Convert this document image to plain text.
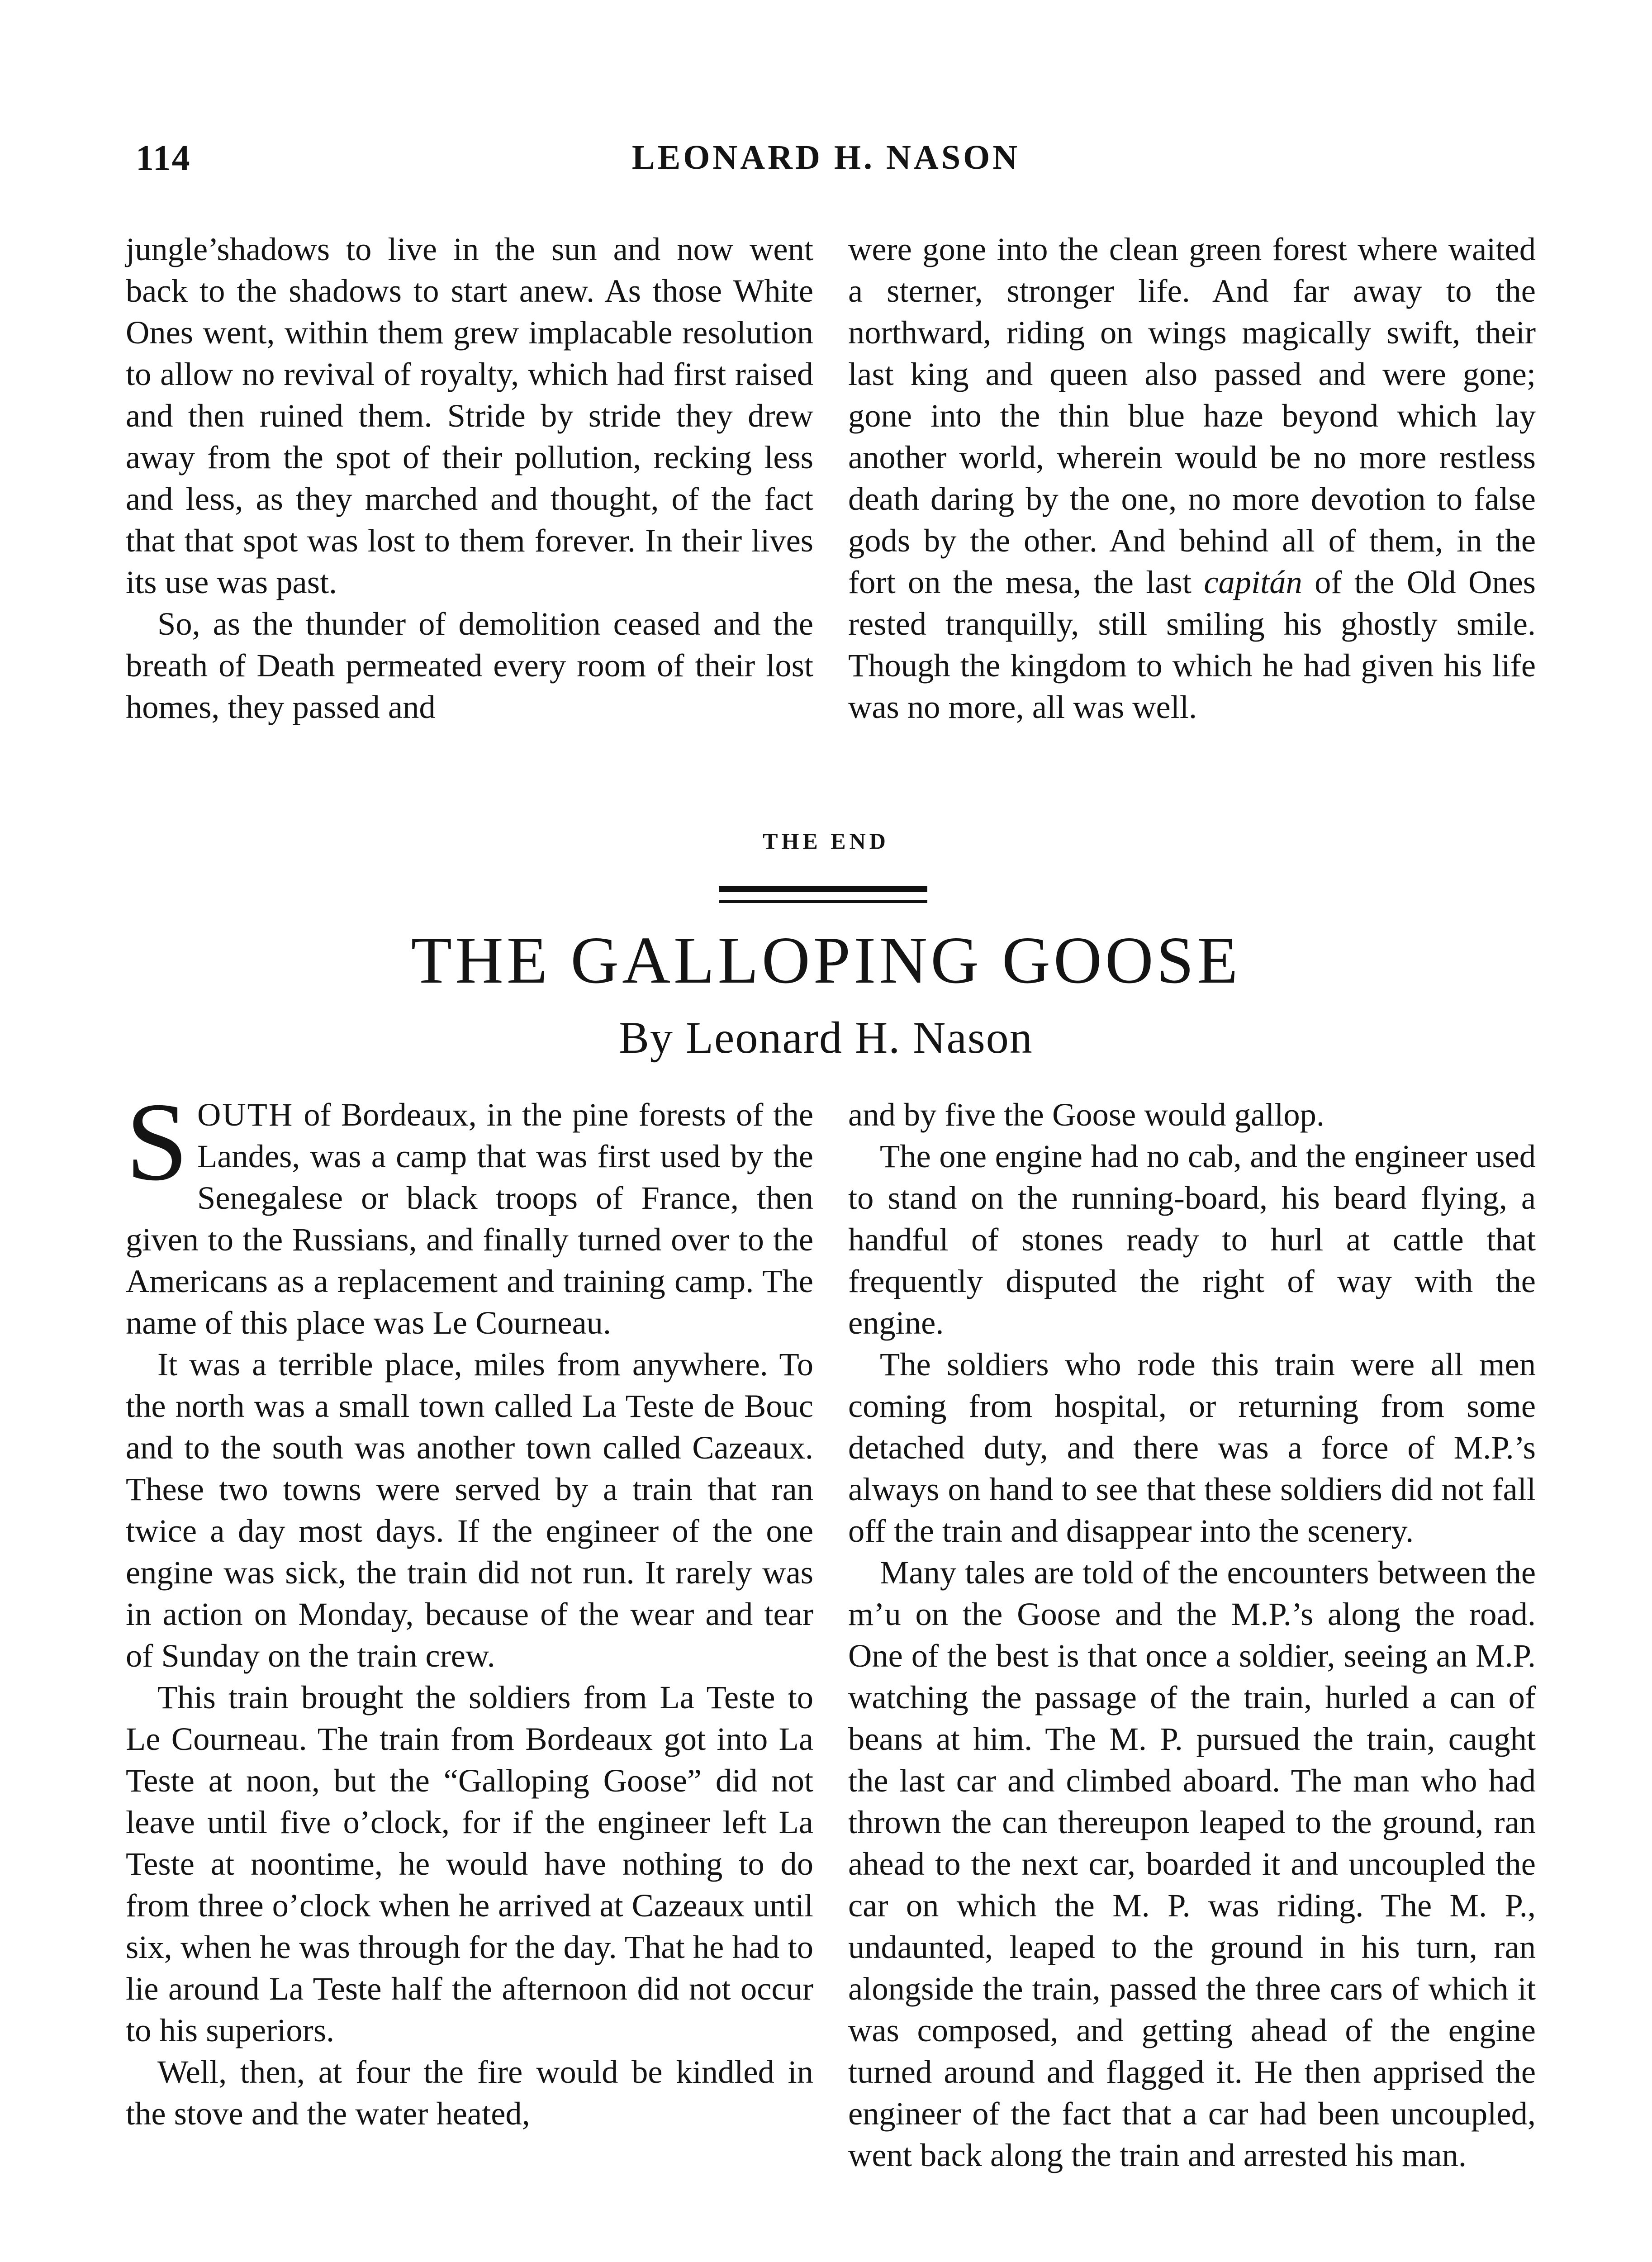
114	LEONARD H. NASON

jungle’shadows to live in the sun and now went back to the shadows to start anew. As those White Ones went, within them grew implacable resolution to allow no revival of royalty, which had first raised and then ruined them. Stride by stride they drew away from the spot of their pollution, recking less and less, as they marched and thought, of the fact that that spot was lost to them forever. In their lives its use was past.

So, as the thunder of demolition ceased and the breath of Death permeated every room of their lost homes, they passed and

were gone into the clean green forest where waited a sterner, stronger life. And far away to the northward, riding on wings magically swift, their last king and queen also passed and were gone; gone into the thin blue haze beyond which lay another world, wherein would be no more restless death daring by the one, no more devotion to false gods by the other. And behind all of them, in the fort on the mesa, the last capitán of the Old Ones rested tranquilly, still smiling his ghostly smile. Though the kingdom to which he had given his life was no more, all was well.

THE END
THE GALLOPING GOOSE
By Leonard H. Nason

SOUTH of Bordeaux, in the pine forests of the Landes, was a camp that was first used by the Senegalese or black troops of France, then given to the Russians, and finally turned over to the Americans as a replacement and training camp. The name of this place was Le Courneau.

It was a terrible place, miles from anywhere. To the north was a small town called La Teste de Bouc and to the south was another town called Cazeaux. These two towns were served by a train that ran twice a day most days. If the engineer of the one engine was sick, the train did not run. It rarely was in action on Monday, because of the wear and tear of Sunday on the train crew.

This train brought the soldiers from La Teste to Le Courneau. The train from Bordeaux got into La Teste at noon, but the “Galloping Goose” did not leave until five o’clock, for if the engineer left La Teste at noontime, he would have nothing to do from three o’clock when he arrived at Cazeaux until six, when he was through for the day. That he had to lie around La Teste half the afternoon did not occur to his superiors.

Well, then, at four the fire would be kindled in the stove and the water heated,

and by five the Goose would gallop.

The one engine had no cab, and the engineer used to stand on the running-board, his beard flying, a handful of stones ready to hurl at cattle that frequently disputed the right of way with the engine.

The soldiers who rode this train were all men coming from hospital, or returning from some detached duty, and there was a force of M.P.’s always on hand to see that these soldiers did not fall off the train and disappear into the scenery.

Many tales are told of the encounters between the m’u on the Goose and the M.P.’s along the road. One of the best is that once a soldier, seeing an M.P. watching the passage of the train, hurled a can of beans at him. The M. P. pursued the train, caught the last car and climbed aboard. The man who had thrown the can thereupon leaped to the ground, ran ahead to the next car, boarded it and uncoupled the car on which the M. P. was riding. The M. P., undaunted, leaped to the ground in his turn, ran alongside the train, passed the three cars of which it was composed, and getting ahead of the engine turned around and flagged it. He then apprised the engineer of the fact that a car had been uncoupled, went back along the train and arrested his man.
